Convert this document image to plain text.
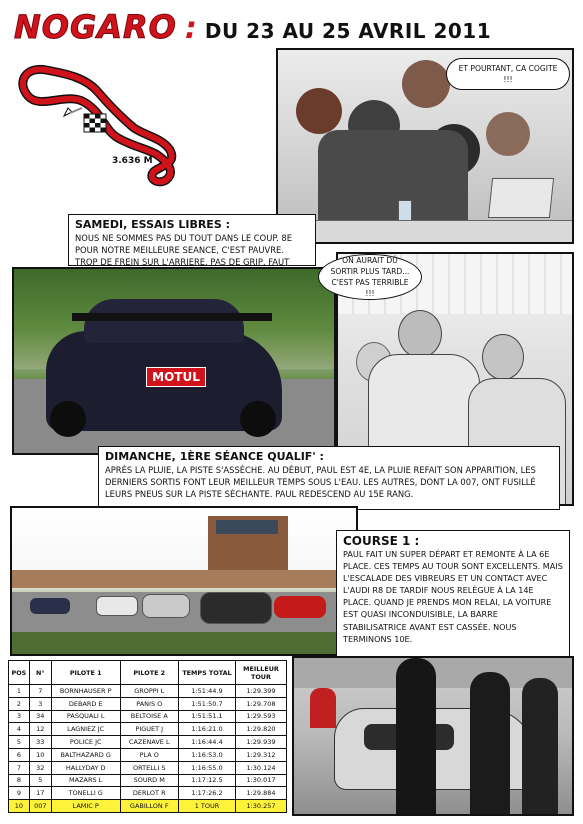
NOGARO : DU 23 AU 25 AVRIL 2011
3.636 M
ET POURTANT, CA COGITE !!!
SAMEDI, ESSAIS LIBRES :
NOUS NE SOMMES PAS DU TOUT DANS LE COUP. 8E POUR NOTRE MEILLEURE SEANCE, C'EST PAUVRE. TROP DE FREIN SUR L'ARRIERE, PAS DE GRIP, FAUT
MOTUL
ON AURAIT DÛ SORTIR PLUS TARD... C'EST PAS TERRIBLE !!!
DIMANCHE, 1ÈRE SÉANCE QUALIF' :
APRÈS LA PLUIE, LA PISTE S'ASSÈCHE. AU DÉBUT, PAUL EST 4E, LA PLUIE REFAIT SON APPARITION, LES DERNIERS SORTIS FONT LEUR MEILLEUR TEMPS SOUS L'EAU. LES AUTRES, DONT LA 007, ONT FUSILLÉ LEURS PNEUS SUR LA PISTE SÉCHANTE. PAUL REDESCEND AU 15E RANG.
COURSE 1 :
PAUL FAIT UN SUPER DÉPART ET REMONTE À LA 6E PLACE. CES TEMPS AU TOUR SONT EXCELLENTS. MAIS L'ESCALADE DES VIBREURS ET UN CONTACT AVEC L'AUDI R8 DE TARDIF NOUS RELÈGUE À LA 14E PLACE. QUAND JE PRENDS MON RELAI, LA VOITURE EST QUASI INCONDUISIBLE, LA BARRE STABILISATRICE AVANT EST CASSÉE. NOUS TERMINONS 10E.
POS	N°	PILOTE 1	PILOTE 2	TEMPS TOTAL	MEILLEUR TOUR
1	7	BORNHAUSER P	GROPPI L	1:51:44.9	1:29.399
2	3	DEBARD E	PANIS O	1:51:50.7	1:29.708
3	34	PASQUALI L	BELTOISE A	1:51:51.1	1:29.593
4	12	LAGNIEZ JC	PIGUET J	1:16:21.0	1:29.820
5	33	POLICE JC	CAZENAVE L	1:16:44.4	1:29.939
6	10	BALTHAZARD G	PLA O	1:16:53.0	1:29.312
7	32	HALLYDAY D	ORTELLI S	1:16:55.0	1:30.124
8	5	MAZARS L	SOURD M	1:17:12.5	1:30.017
9	17	TONELLI G	DERLOT R	1:17:26.2	1:29.884
10	007	LAMIC P	GABILLON F	1 TOUR	1:30.257
